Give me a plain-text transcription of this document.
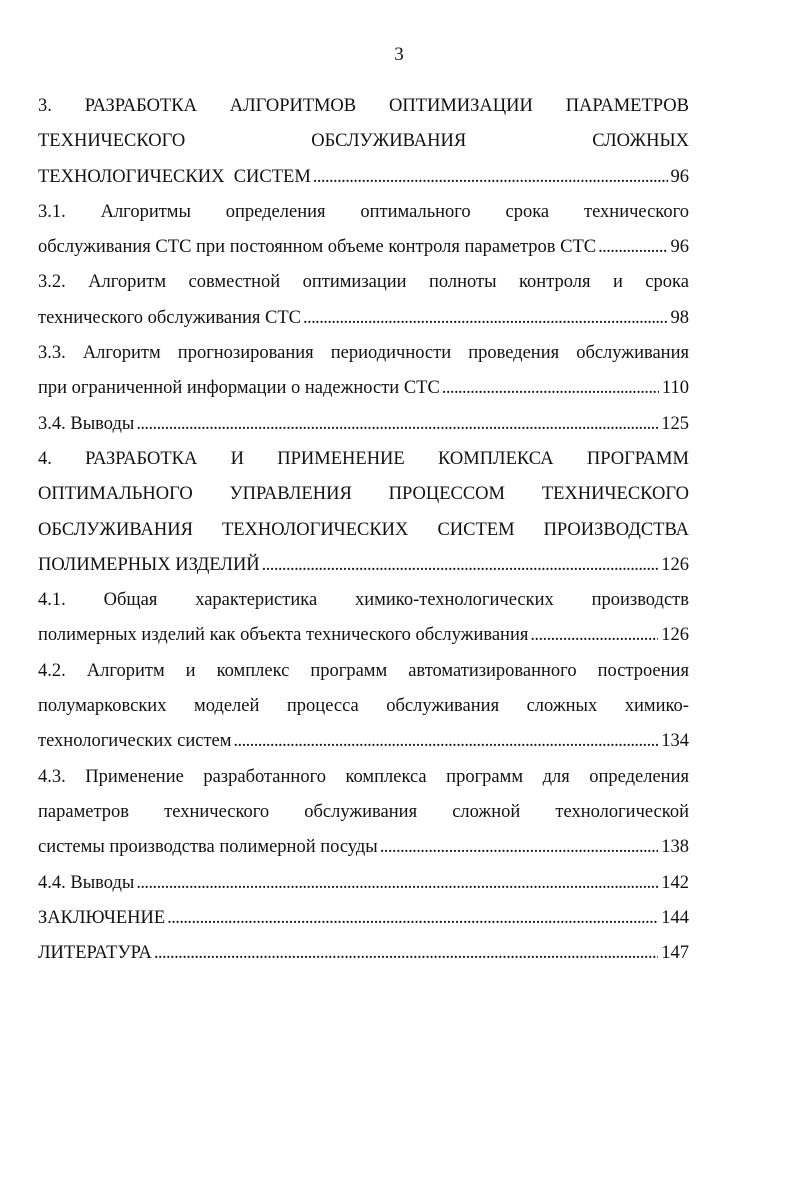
3
3. РАЗРАБОТКА АЛГОРИТМОВ ОПТИМИЗАЦИИ ПАРАМЕТРОВ
ТЕХНИЧЕСКОГО	ОБСЛУЖИВАНИЯ	СЛОЖНЫХ
ТЕХНОЛОГИЧЕСКИХ  СИСТЕМ . . .	96
3.1. Алгоритмы определения оптимального срока технического
обслуживания СТС при постоянном объеме контроля параметров СТС . . .	96
3.2. Алгоритм совместной оптимизации полноты контроля и срока
технического обслуживания СТС . . .	98
3.3. Алгоритм прогнозирования периодичности проведения обслуживания
при ограниченной информации о надежности СТС . . .	110
3.4. Выводы . . .	125
4. РАЗРАБОТКА И ПРИМЕНЕНИЕ КОМПЛЕКСА ПРОГРАММ
ОПТИМАЛЬНОГО УПРАВЛЕНИЯ ПРОЦЕССОМ ТЕХНИЧЕСКОГО
ОБСЛУЖИВАНИЯ ТЕХНОЛОГИЧЕСКИХ СИСТЕМ ПРОИЗВОДСТВА
ПОЛИМЕРНЫХ ИЗДЕЛИЙ . . .	126
4.1. Общая характеристика химико-технологических производств
полимерных изделий как объекта технического обслуживания . . .	126
4.2. Алгоритм и комплекс программ автоматизированного построения
полумарковских моделей процесса обслуживания сложных химико-
технологических систем . . .	134
4.3. Применение разработанного комплекса программ для определения
параметров технического обслуживания сложной технологической
системы производства полимерной посуды . . .	138
4.4. Выводы . . .	142
ЗАКЛЮЧЕНИЕ . . .	144
ЛИТЕРАТУРА . . .	147
